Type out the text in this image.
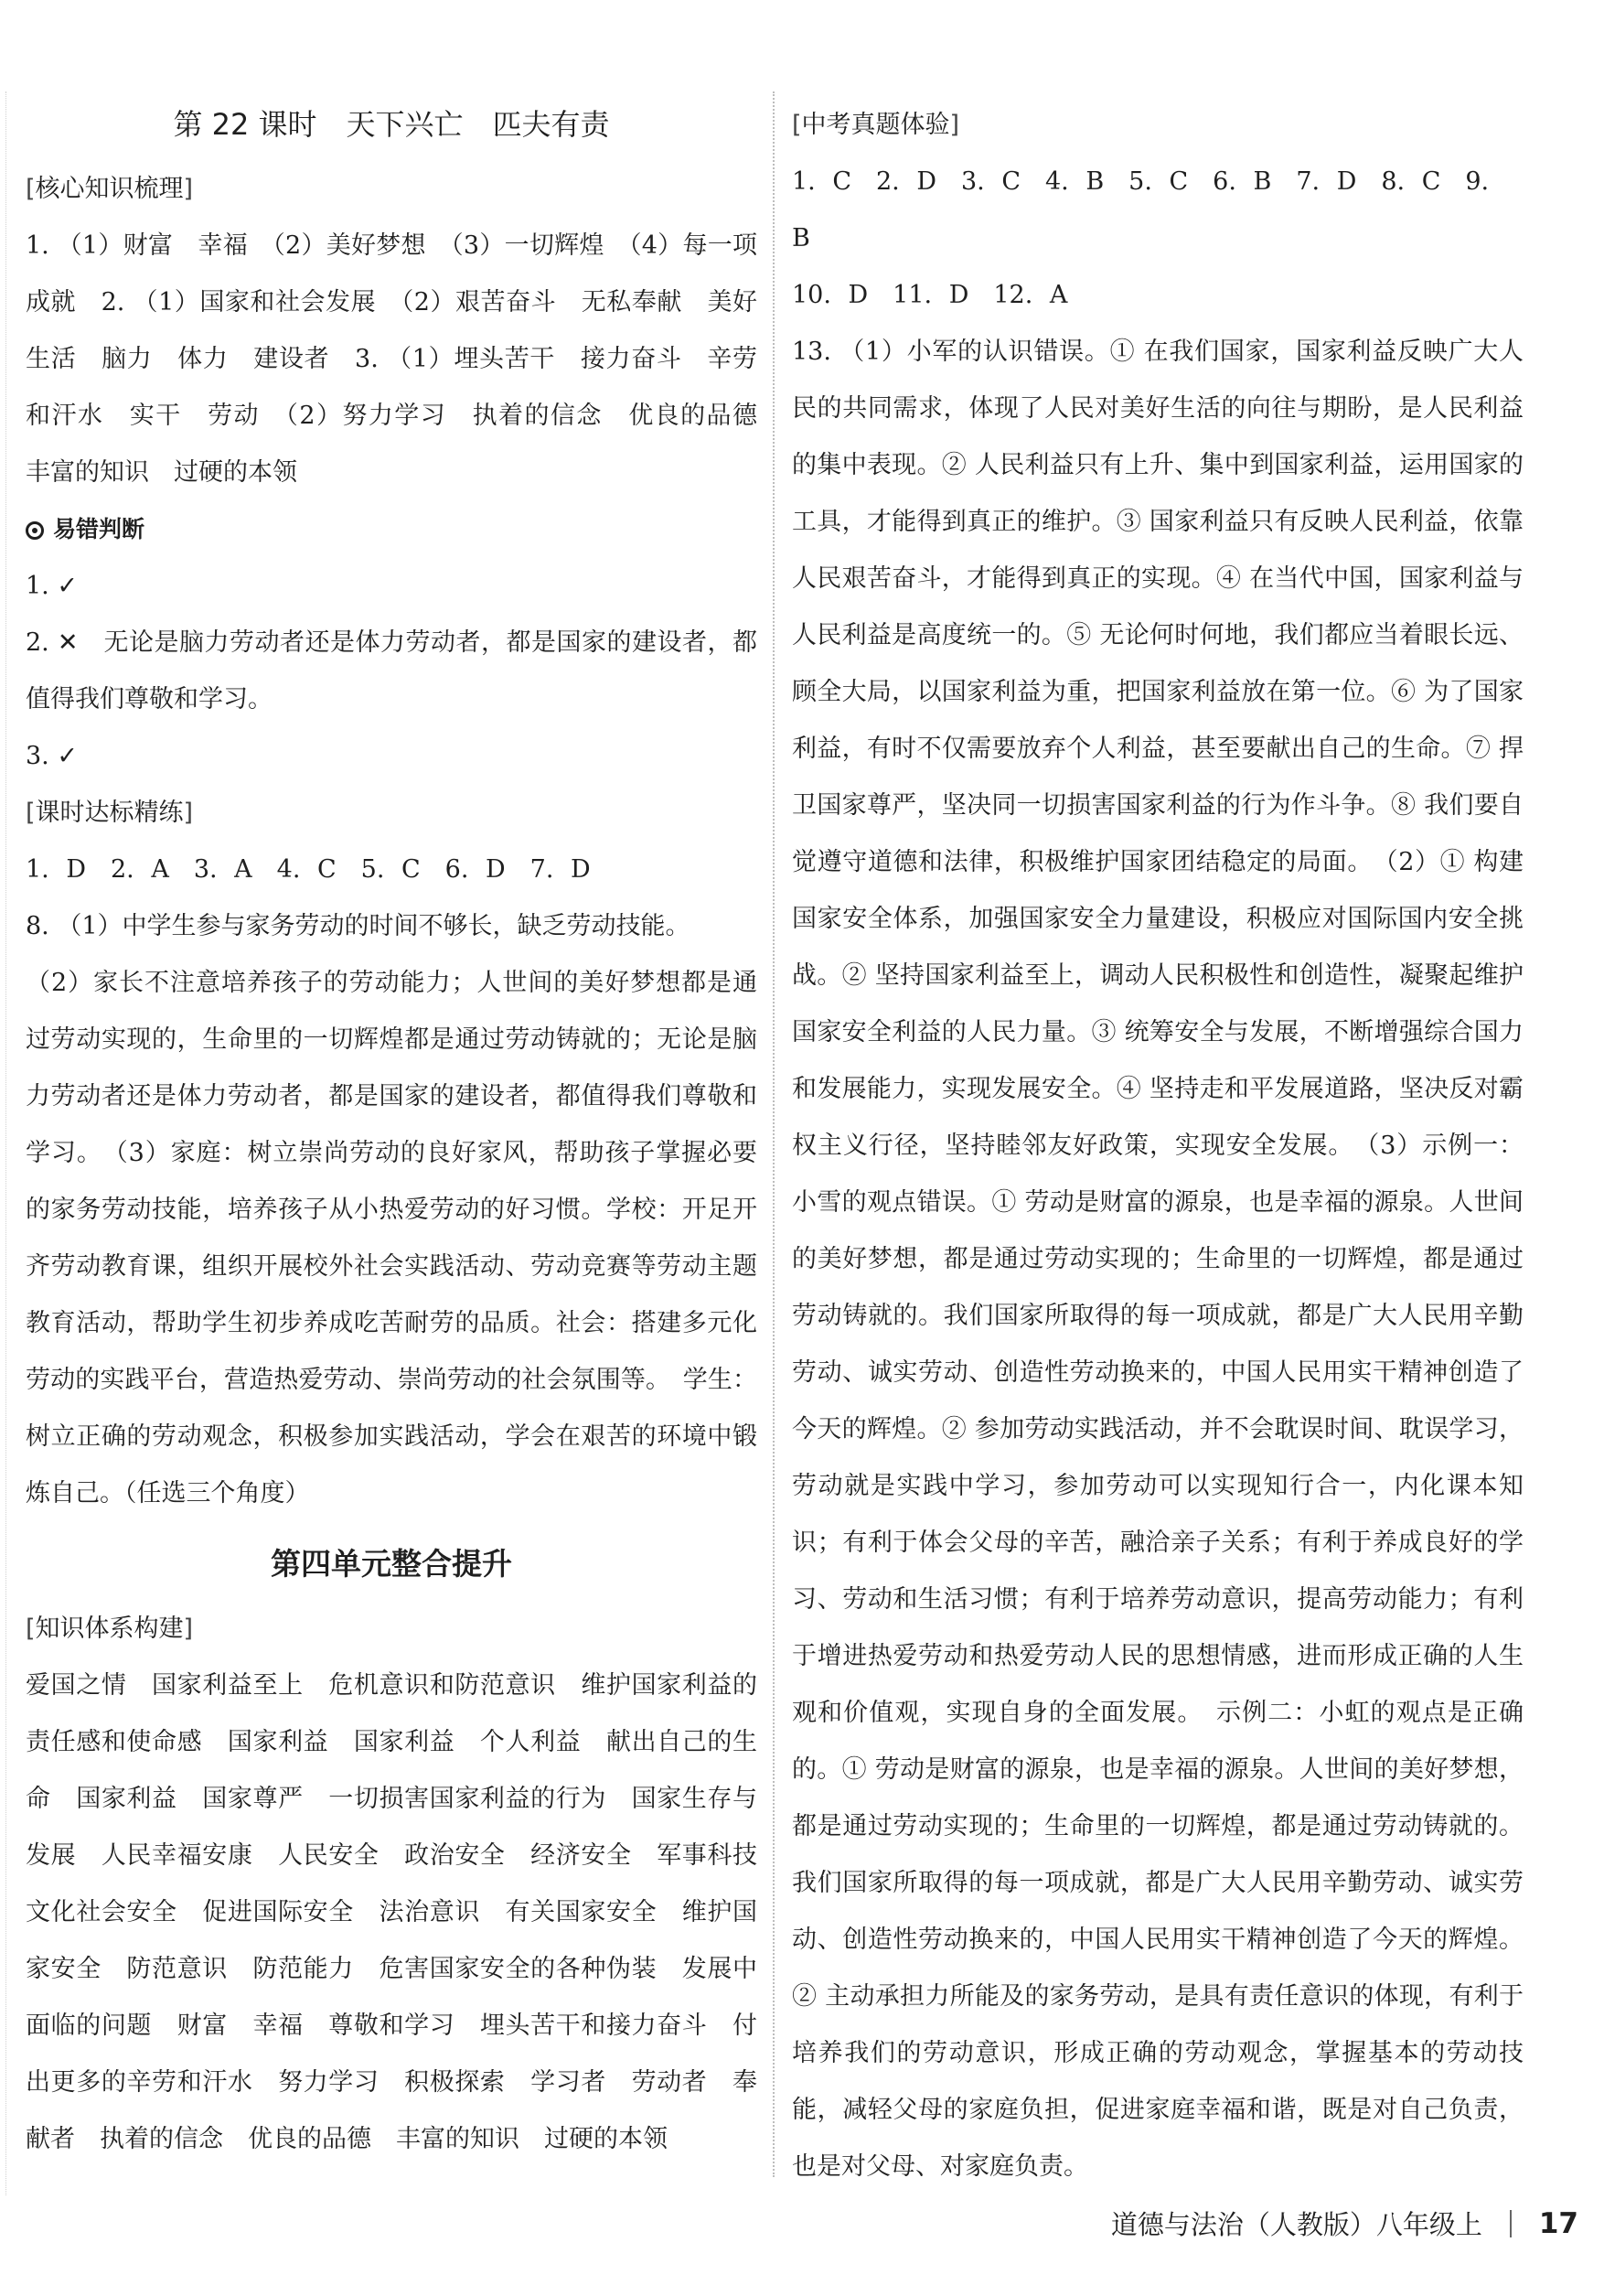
第 22 课时　天下兴亡　匹夫有责

[核心知识梳理]

1. （1）财富　幸福　（2）美好梦想　（3）一切辉煌　（4）每一项成就　2. （1）国家和社会发展　（2）艰苦奋斗　无私奉献　美好生活　脑力　体力　建设者　3. （1）埋头苦干　接力奋斗　辛劳和汗水　实干　劳动　（2）努力学习　执着的信念　优良的品德　丰富的知识　过硬的本领

易错判断

1. ✓

2. ✕　无论是脑力劳动者还是体力劳动者，都是国家的建设者，都值得我们尊敬和学习。

3. ✓

[课时达标精练]

1. D　2. A　3. A　4. C　5. C　6. D　7. D

8. （1）中学生参与家务劳动的时间不够长，缺乏劳动技能。

（2）家长不注意培养孩子的劳动能力；人世间的美好梦想都是通过劳动实现的，生命里的一切辉煌都是通过劳动铸就的；无论是脑力劳动者还是体力劳动者，都是国家的建设者，都值得我们尊敬和学习。　（3）家庭：树立崇尚劳动的良好家风，帮助孩子掌握必要的家务劳动技能，培养孩子从小热爱劳动的好习惯。学校：开足开齐劳动教育课，组织开展校外社会实践活动、劳动竞赛等劳动主题教育活动，帮助学生初步养成吃苦耐劳的品质。社会：搭建多元化劳动的实践平台，营造热爱劳动、崇尚劳动的社会氛围等。　学生：树立正确的劳动观念，积极参加实践活动，学会在艰苦的环境中锻炼自己。（任选三个角度）

第四单元整合提升

[知识体系构建]

爱国之情　国家利益至上　危机意识和防范意识　维护国家利益的责任感和使命感　国家利益　国家利益　个人利益　献出自己的生命　国家利益　国家尊严　一切损害国家利益的行为　国家生存与发展　人民幸福安康　人民安全　政治安全　经济安全　军事科技文化社会安全　促进国际安全　法治意识　有关国家安全　维护国家安全　防范意识　防范能力　危害国家安全的各种伪装　发展中面临的问题　财富　幸福　尊敬和学习　埋头苦干和接力奋斗　付出更多的辛劳和汗水　努力学习　积极探索　学习者　劳动者　奉献者　执着的信念　优良的品德　丰富的知识　过硬的本领

[中考真题体验]

1. C　2. D　3. C　4. B　5. C　6. B　7. D　8. C　9. B

10. D　11. D　12. A

13. （1）小军的认识错误。① 在我们国家，国家利益反映广大人民的共同需求，体现了人民对美好生活的向往与期盼，是人民利益的集中表现。② 人民利益只有上升、集中到国家利益，运用国家的工具，才能得到真正的维护。③ 国家利益只有反映人民利益，依靠人民艰苦奋斗，才能得到真正的实现。④ 在当代中国，国家利益与人民利益是高度统一的。⑤ 无论何时何地，我们都应当着眼长远、顾全大局，以国家利益为重，把国家利益放在第一位。⑥ 为了国家利益，有时不仅需要放弃个人利益，甚至要献出自己的生命。⑦ 捍卫国家尊严，坚决同一切损害国家利益的行为作斗争。⑧ 我们要自觉遵守道德和法律，积极维护国家团结稳定的局面。　（2）① 构建国家安全体系，加强国家安全力量建设，积极应对国际国内安全挑战。② 坚持国家利益至上，调动人民积极性和创造性，凝聚起维护国家安全利益的人民力量。③ 统筹安全与发展，不断增强综合国力和发展能力，实现发展安全。④ 坚持走和平发展道路，坚决反对霸权主义行径，坚持睦邻友好政策，实现安全发展。　（3）示例一：小雪的观点错误。① 劳动是财富的源泉，也是幸福的源泉。人世间的美好梦想，都是通过劳动实现的；生命里的一切辉煌，都是通过劳动铸就的。我们国家所取得的每一项成就，都是广大人民用辛勤劳动、诚实劳动、创造性劳动换来的，中国人民用实干精神创造了今天的辉煌。② 参加劳动实践活动，并不会耽误时间、耽误学习，劳动就是实践中学习，参加劳动可以实现知行合一，内化课本知识；有利于体会父母的辛苦，融洽亲子关系；有利于养成良好的学习、劳动和生活习惯；有利于培养劳动意识，提高劳动能力；有利于增进热爱劳动和热爱劳动人民的思想情感，进而形成正确的人生观和价值观，实现自身的全面发展。　示例二：小虹的观点是正确的。① 劳动是财富的源泉，也是幸福的源泉。人世间的美好梦想，都是通过劳动实现的；生命里的一切辉煌，都是通过劳动铸就的。我们国家所取得的每一项成就，都是广大人民用辛勤劳动、诚实劳动、创造性劳动换来的，中国人民用实干精神创造了今天的辉煌。② 主动承担力所能及的家务劳动，是具有责任意识的体现，有利于培养我们的劳动意识，形成正确的劳动观念，掌握基本的劳动技能，减轻父母的家庭负担，促进家庭幸福和谐，既是对自己负责，也是对父母、对家庭负责。

道德与法治（人教版）八年级上 17
